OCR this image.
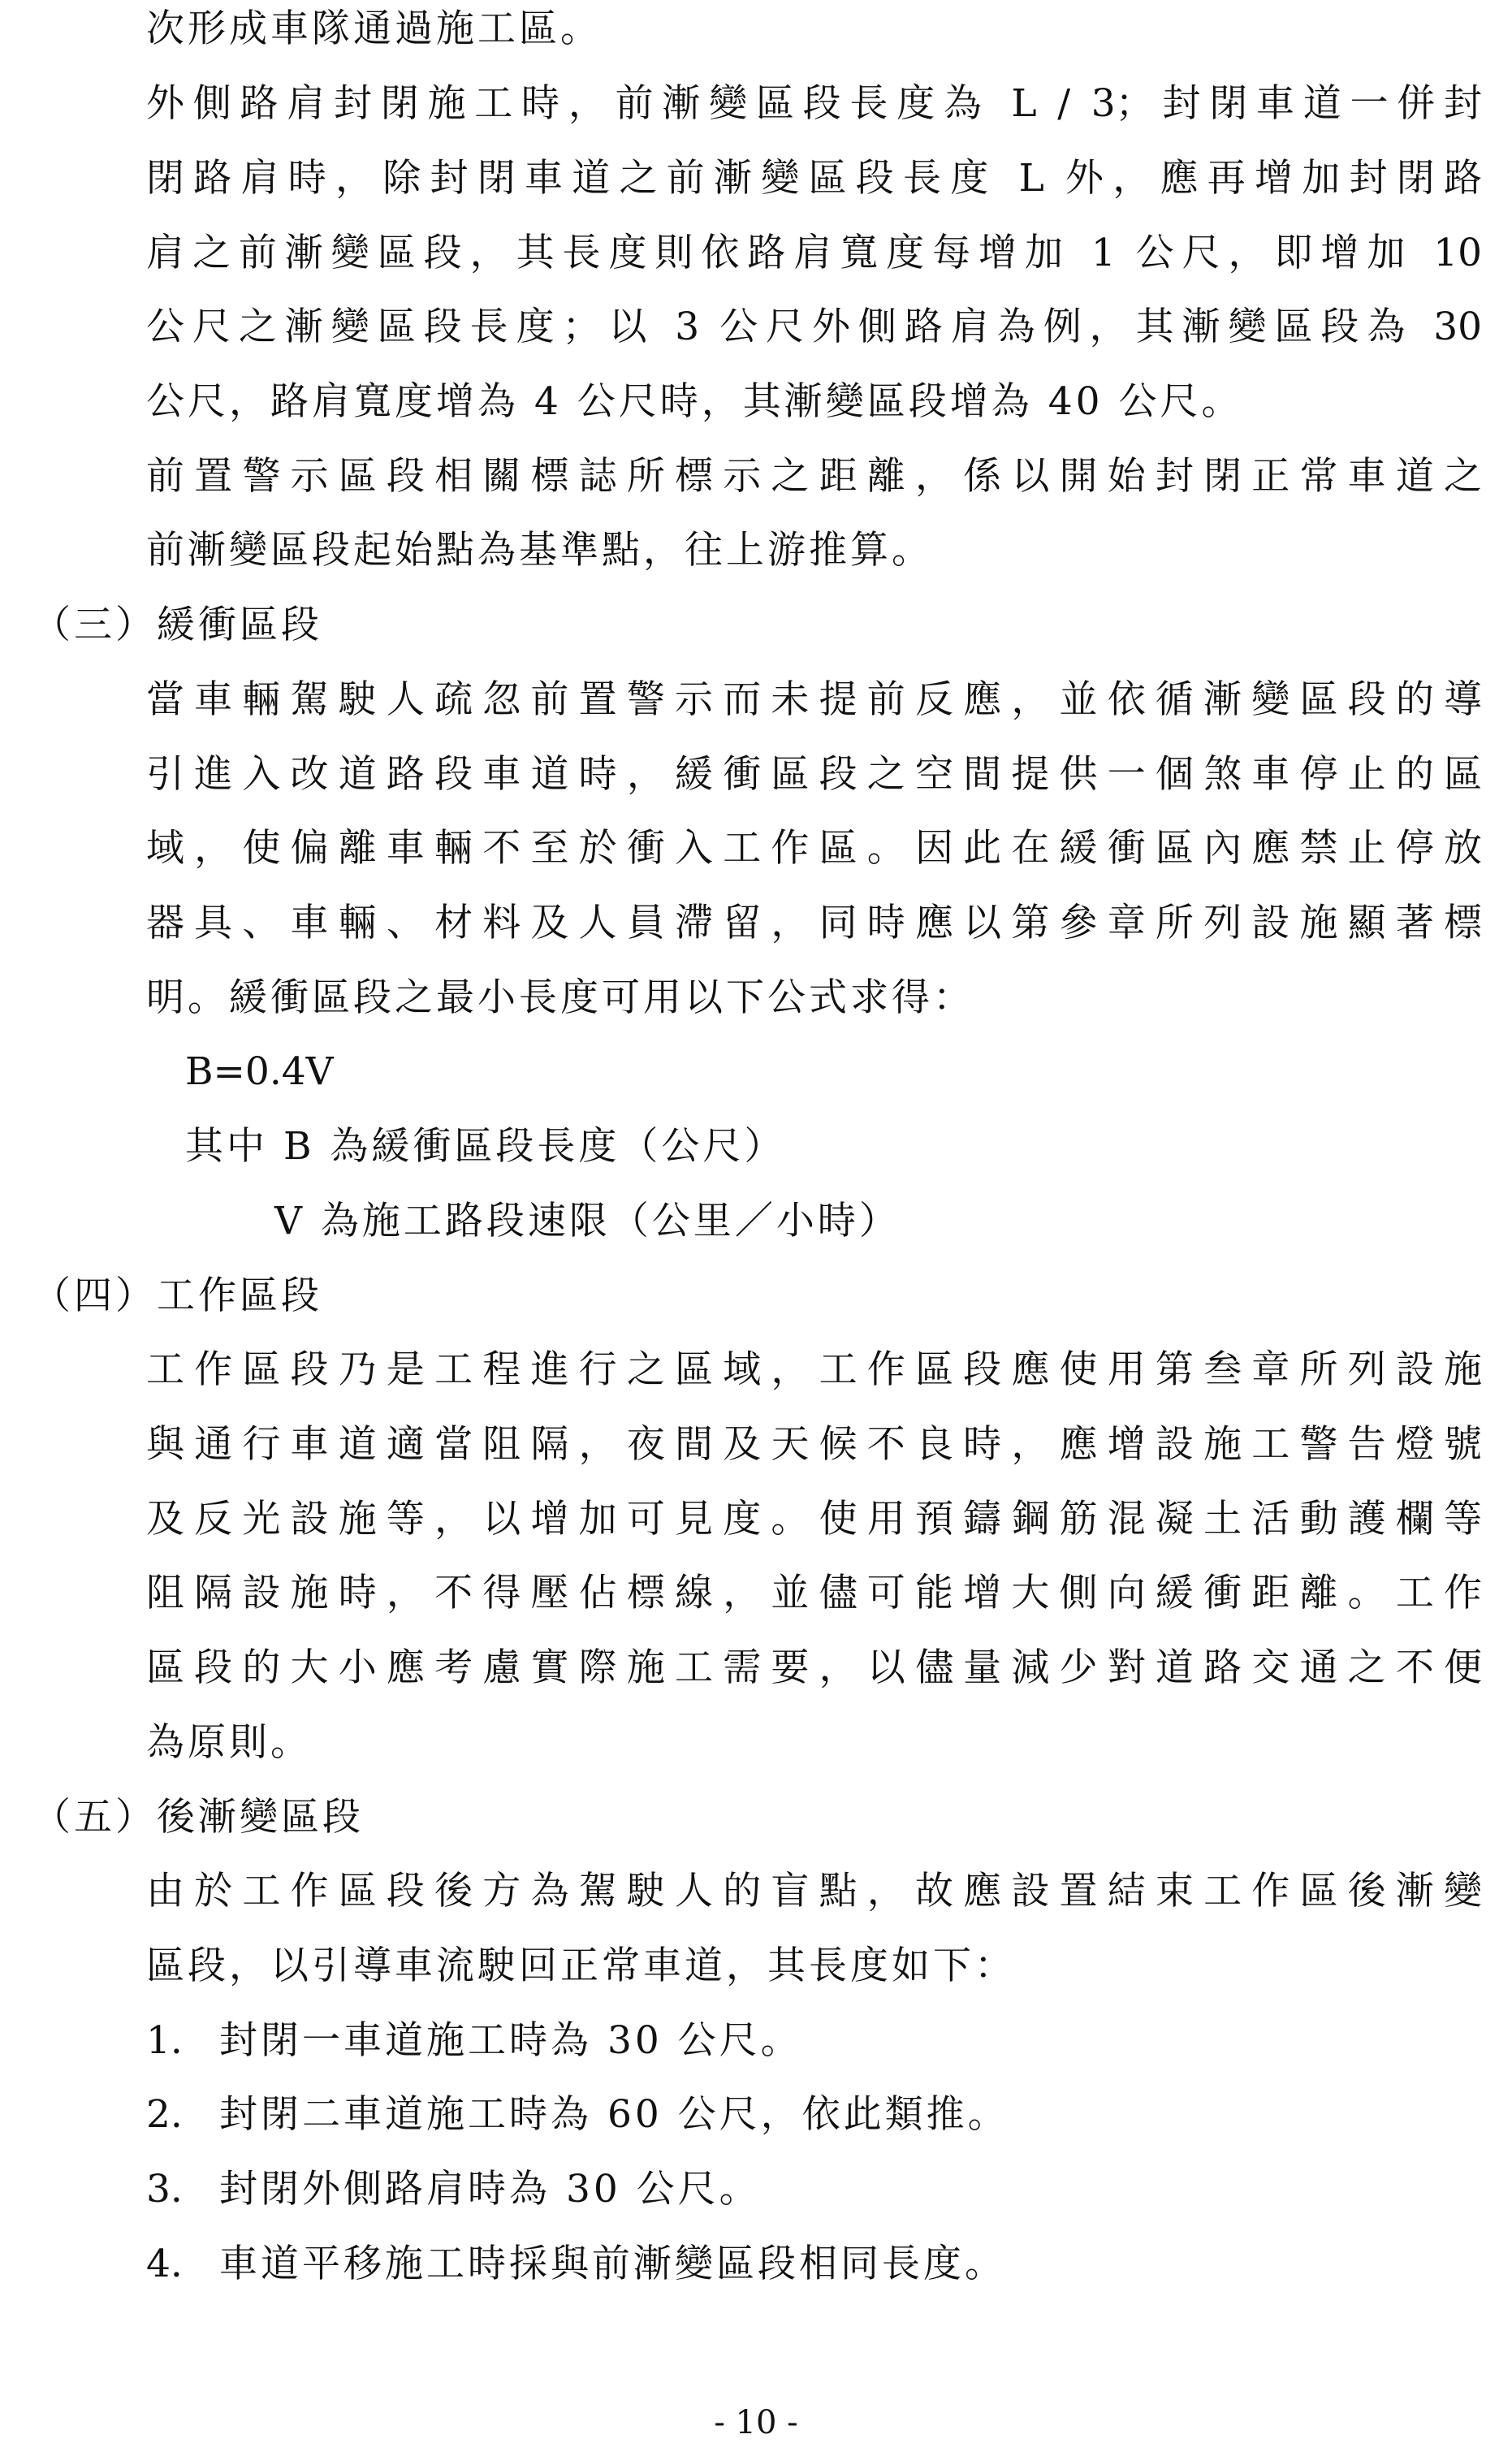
次形成車隊通過施工區。
外側路肩封閉施工時，前漸變區段長度為 L / 3；封閉車道一併封
閉路肩時，除封閉車道之前漸變區段長度 L 外，應再增加封閉路
肩之前漸變區段，其長度則依路肩寬度每增加 1 公尺，即增加 10
公尺之漸變區段長度；以 3 公尺外側路肩為例，其漸變區段為 30
公尺，路肩寬度增為 4 公尺時，其漸變區段增為 40 公尺。
前置警示區段相關標誌所標示之距離，係以開始封閉正常車道之
前漸變區段起始點為基準點，往上游推算。
（三）緩衝區段
當車輛駕駛人疏忽前置警示而未提前反應，並依循漸變區段的導
引進入改道路段車道時，緩衝區段之空間提供一個煞車停止的區
域，使偏離車輛不至於衝入工作區。因此在緩衝區內應禁止停放
器具、車輛、材料及人員滯留，同時應以第參章所列設施顯著標
明。緩衝區段之最小長度可用以下公式求得：
B=0.4V
其中 B 為緩衝區段長度（公尺）
V 為施工路段速限（公里／小時）
（四）工作區段
工作區段乃是工程進行之區域，工作區段應使用第叁章所列設施
與通行車道適當阻隔，夜間及天候不良時，應增設施工警告燈號
及反光設施等，以增加可見度。使用預鑄鋼筋混凝土活動護欄等
阻隔設施時，不得壓佔標線，並儘可能增大側向緩衝距離。工作
區段的大小應考慮實際施工需要，以儘量減少對道路交通之不便
為原則。
（五）後漸變區段
由於工作區段後方為駕駛人的盲點，故應設置結束工作區後漸變
區段，以引導車流駛回正常車道，其長度如下：
1. 封閉一車道施工時為 30 公尺。
2. 封閉二車道施工時為 60 公尺，依此類推。
3. 封閉外側路肩時為 30 公尺。
4. 車道平移施工時採與前漸變區段相同長度。
- 10 -
